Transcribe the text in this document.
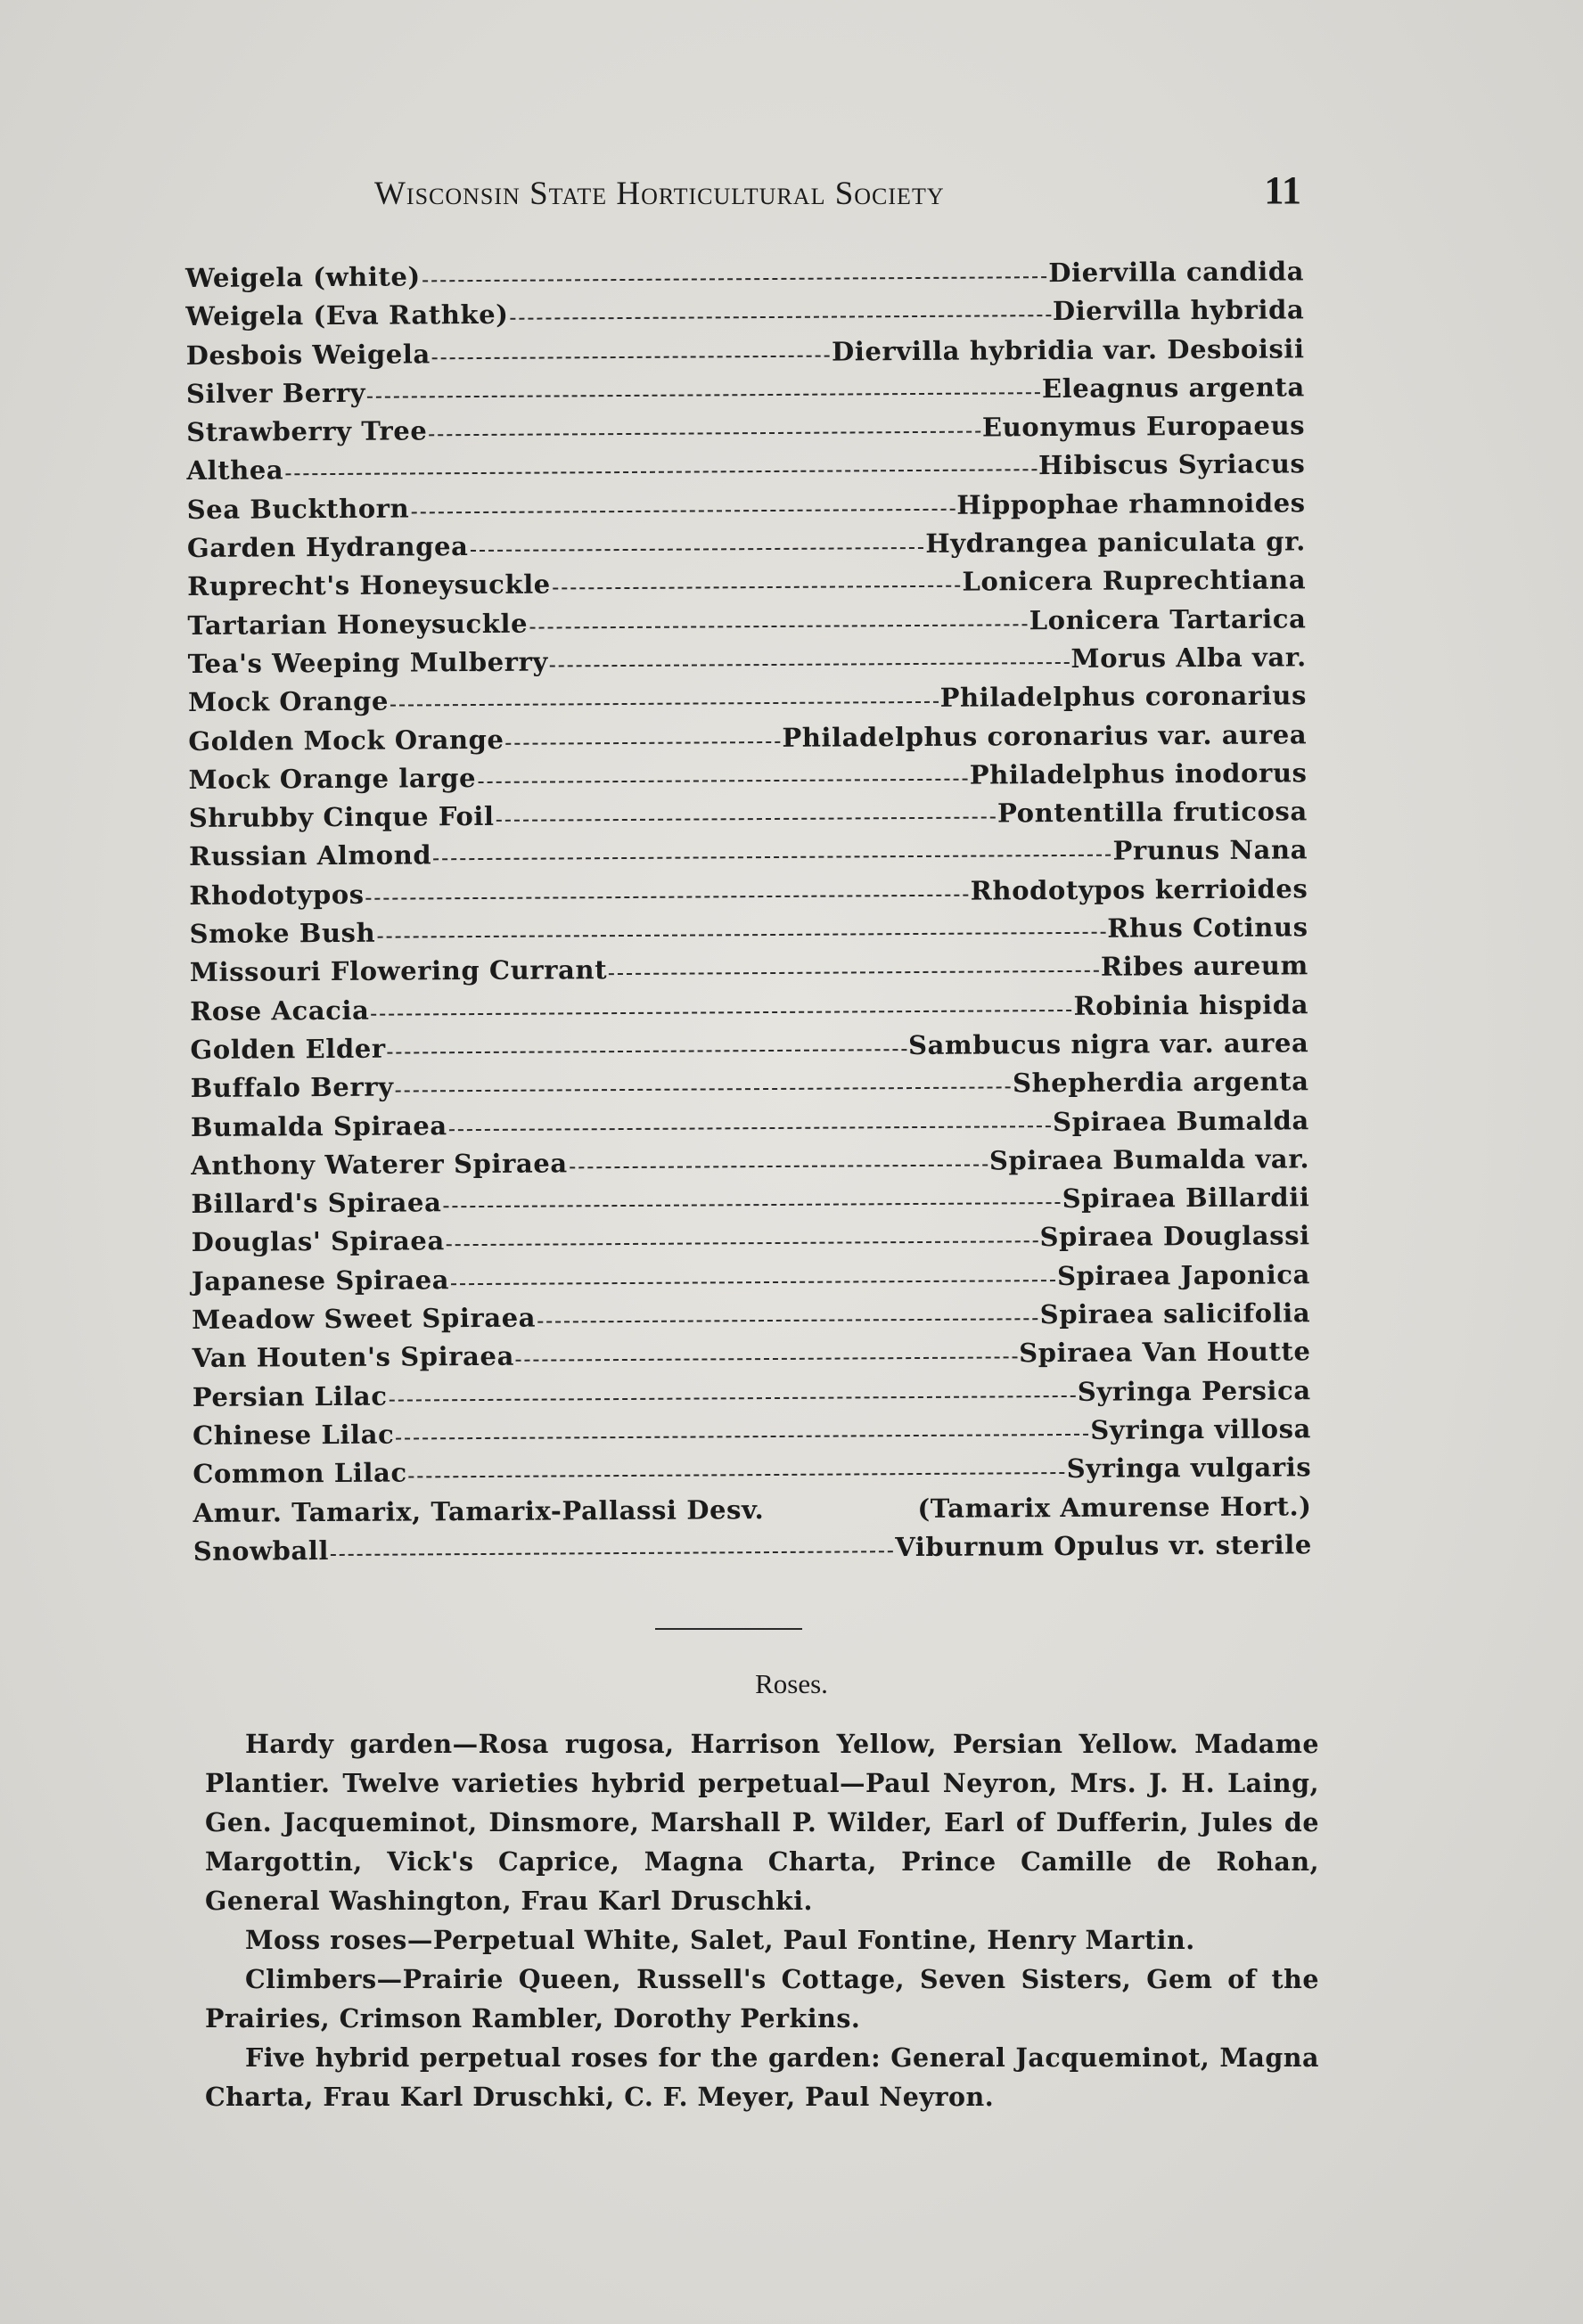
Wisconsin State Horticultural Society	11
Weigela (white)	Diervilla candida
Weigela (Eva Rathke)	Diervilla hybrida
Desbois Weigela	Diervilla hybridia var. Desboisii
Silver Berry	Eleagnus argenta
Strawberry Tree	Euonymus Europaeus
Althea	Hibiscus Syriacus
Sea Buckthorn	Hippophae rhamnoides
Garden Hydrangea	Hydrangea paniculata gr.
Ruprecht's Honeysuckle	Lonicera Ruprechtiana
Tartarian Honeysuckle	Lonicera Tartarica
Tea's Weeping Mulberry	Morus Alba var.
Mock Orange	Philadelphus coronarius
Golden Mock Orange	Philadelphus coronarius var. aurea
Mock Orange large	Philadelphus inodorus
Shrubby Cinque Foil	Pontentilla fruticosa
Russian Almond	Prunus Nana
Rhodotypos	Rhodotypos kerrioides
Smoke Bush	Rhus Cotinus
Missouri Flowering Currant	Ribes aureum
Rose Acacia	Robinia hispida
Golden Elder	Sambucus nigra var. aurea
Buffalo Berry	Shepherdia argenta
Bumalda Spiraea	Spiraea Bumalda
Anthony Waterer Spiraea	Spiraea Bumalda var.
Billard's Spiraea	Spiraea Billardii
Douglas' Spiraea	Spiraea Douglassi
Japanese Spiraea	Spiraea Japonica
Meadow Sweet Spiraea	Spiraea salicifolia
Van Houten's Spiraea	Spiraea Van Houtte
Persian Lilac	Syringa Persica
Chinese Lilac	Syringa villosa
Common Lilac	Syringa vulgaris
Amur. Tamarix, Tamarix-Pallassi Desv.	(Tamarix Amurense Hort.)
Snowball	Viburnum Opulus vr. sterile
Roses.

Hardy garden—Rosa rugosa, Harrison Yellow, Persian Yellow. Madame Plantier. Twelve varieties hybrid perpetual—Paul Neyron, Mrs. J. H. Laing, Gen. Jacqueminot, Dinsmore, Marshall P. Wilder, Earl of Dufferin, Jules de Margottin, Vick's Caprice, Magna Charta, Prince Camille de Rohan, General Washington, Frau Karl Druschki.

Moss roses—Perpetual White, Salet, Paul Fontine, Henry Martin.

Climbers—Prairie Queen, Russell's Cottage, Seven Sisters, Gem of the Prairies, Crimson Rambler, Dorothy Perkins.

Five hybrid perpetual roses for the garden: General Jacqueminot, Magna Charta, Frau Karl Druschki, C. F. Meyer, Paul Neyron.
